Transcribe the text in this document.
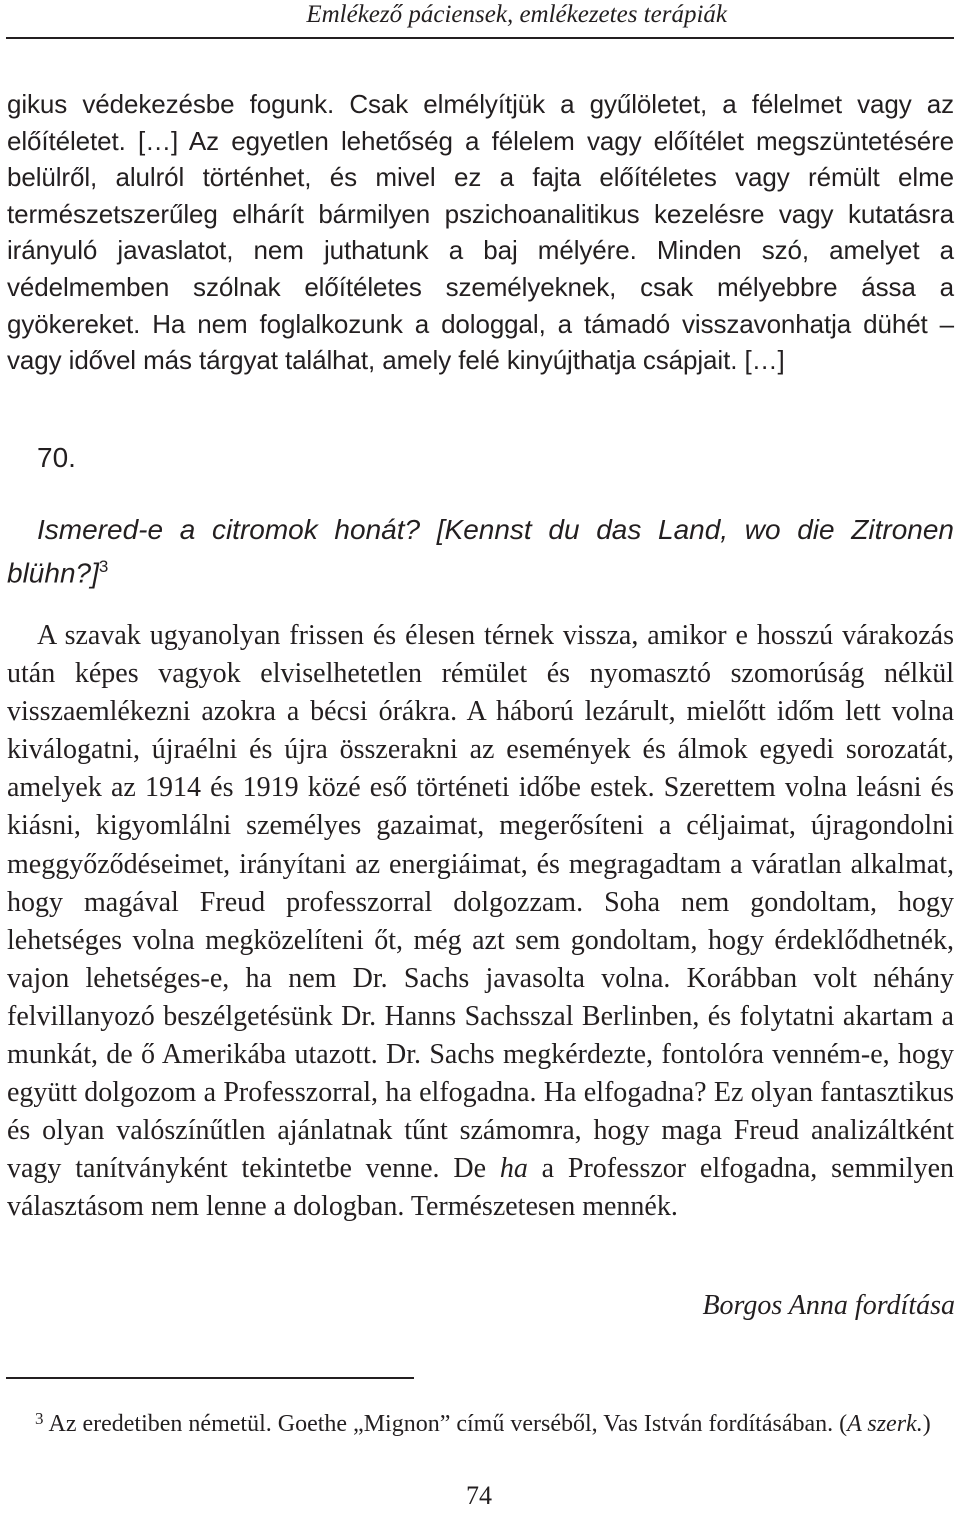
Emlékező páciensek, emlékezetes terápiák

gikus védekezésbe fogunk. Csak elmélyítjük a gyűlöletet, a félelmet vagy az előítéletet. […] Az egyetlen lehetőség a félelem vagy előítélet megszüntetésére belülről, alulról történhet, és mivel ez a fajta előítéletes vagy rémült elme természetszerűleg elhárít bármilyen pszichoanalitikus kezelésre vagy kutatásra irányuló javaslatot, nem juthatunk a baj mélyére. Minden szó, amelyet a védelmemben szólnak előítéletes személyeknek, csak mélyebbre ássa a gyökereket. Ha nem foglalkozunk a dologgal, a támadó visszavonhatja dühét – vagy idővel más tárgyat találhat, amely felé kinyújthatja csápjait. […]

70.
Ismered-e a citromok honát? [Kennst du das Land, wo die Zitronen blühn?]$^3$

A szavak ugyanolyan frissen és élesen térnek vissza, amikor e hosszú várakozás után képes vagyok elviselhetetlen rémület és nyomasztó szomorúság nélkül visszaemlékezni azokra a bécsi órákra. A háború lezárult, mielőtt időm lett volna kiválogatni, újraélni és újra összerakni az események és álmok egyedi sorozatát, amelyek az 1914 és 1919 közé eső történeti időbe estek. Szerettem volna leásni és kiásni, kigyomlálni személyes gazaimat, megerősíteni a céljaimat, újragondolni meggyőződéseimet, irányítani az energiáimat, és megragadtam a váratlan alkalmat, hogy magával Freud professzorral dolgozzam. Soha nem gondoltam, hogy lehetséges volna megközelíteni őt, még azt sem gondoltam, hogy érdeklődhetnék, vajon lehetséges-e, ha nem Dr. Sachs javasolta volna. Korábban volt néhány felvillanyozó beszélgetésünk Dr. Hanns Sachsszal Berlinben, és folytatni akartam a munkát, de ő Amerikába utazott. Dr. Sachs megkérdezte, fontolóra venném-e, hogy együtt dolgozom a Professzorral, ha elfogadna. Ha elfogadna? Ez olyan fantasztikus és olyan valószínűtlen ajánlatnak tűnt számomra, hogy maga Freud analizáltként vagy tanítványként tekintetbe venne. De ha a Professzor elfogadna, semmilyen választásom nem lenne a dologban. Természetesen mennék.

Borgos Anna fordítása
$^3$ Az eredetiben németül. Goethe „Mignon” című verséből, Vas István fordításában. (A szerk.)
74
